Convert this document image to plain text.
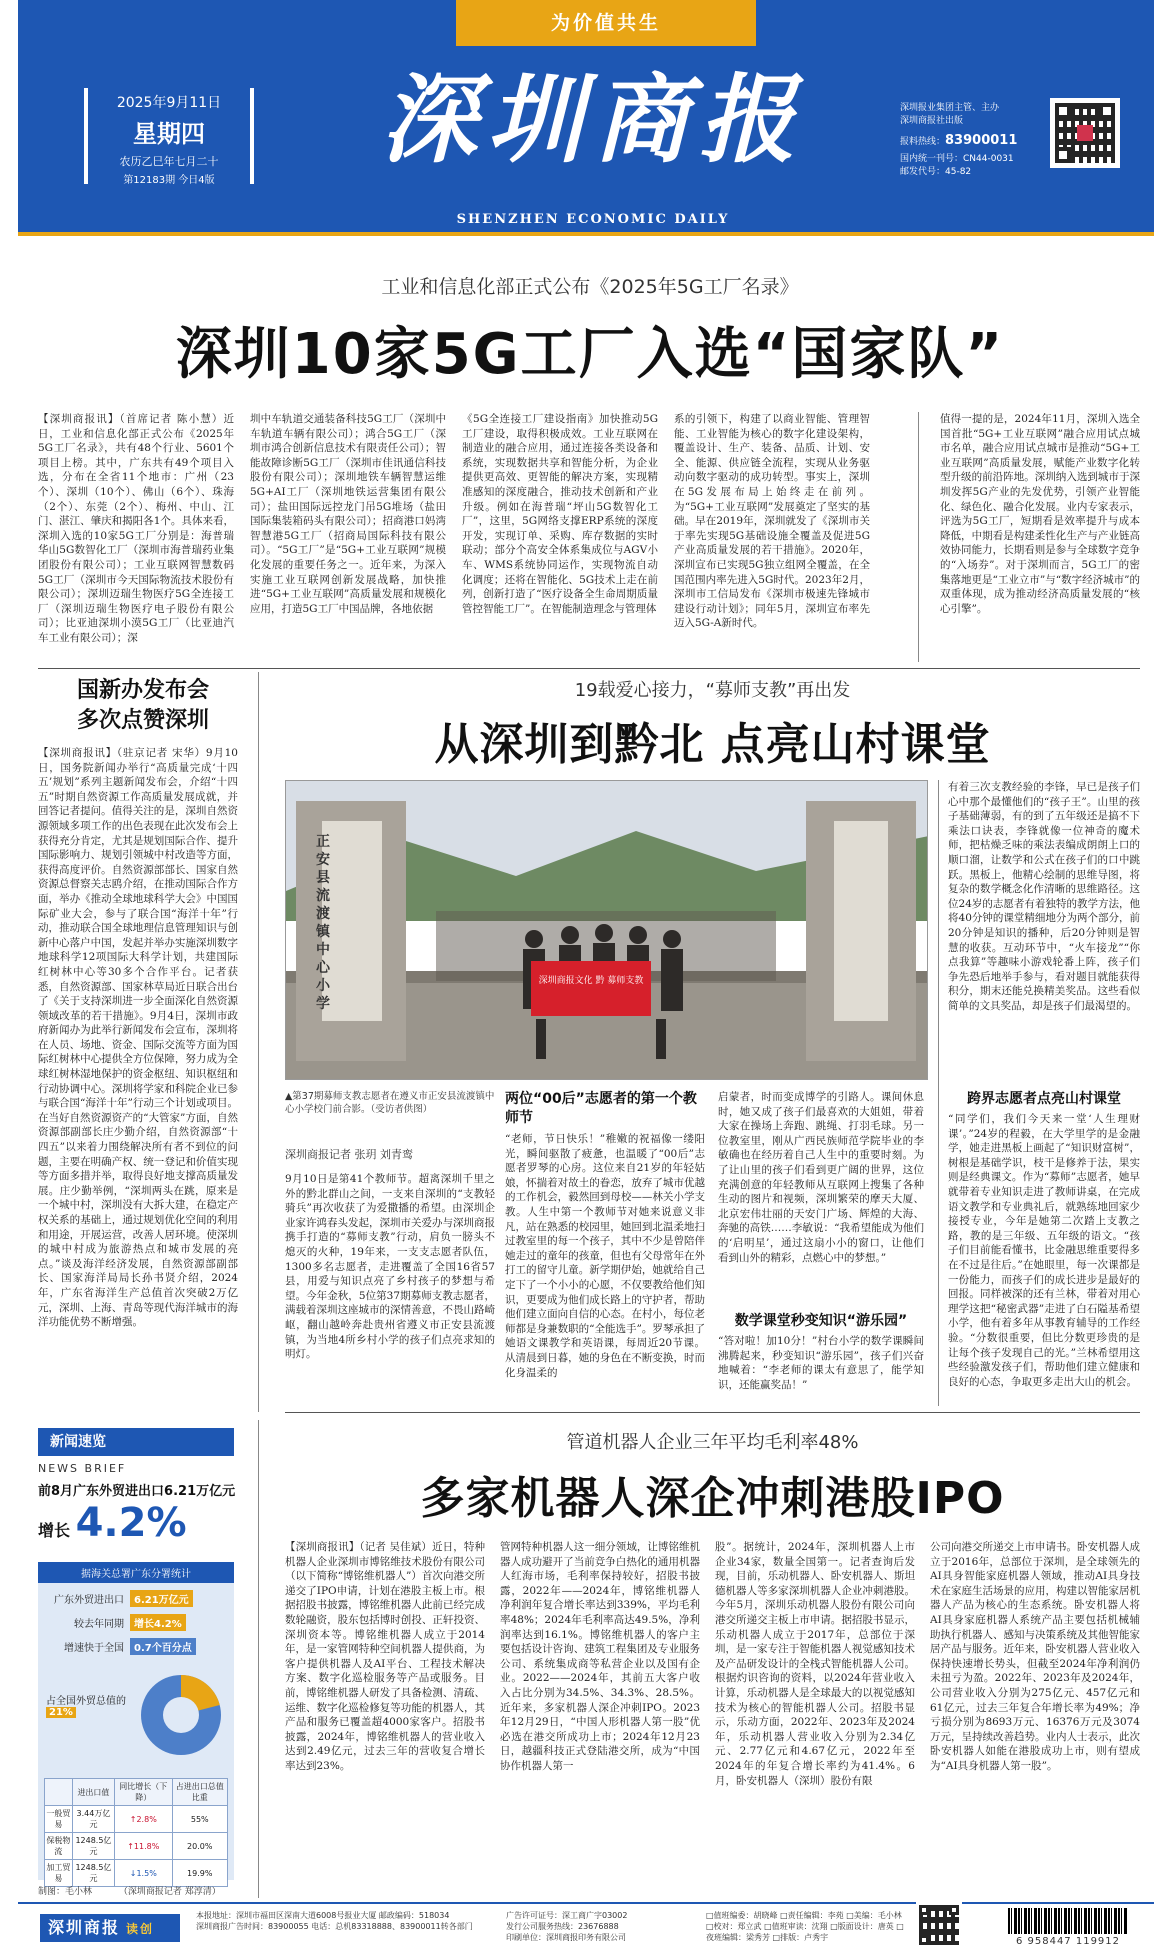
为价值共生
2025年9月11日
星期四
农历乙巳年七月二十
第12183期 今日4版
深圳商报
SHENZHEN ECONOMIC DAILY
深圳报业集团主管、主办
深圳商报社出版
报料热线：83900011
国内统一刊号：CN44-0031
邮发代号：45-82
工业和信息化部正式公布《2025年5G工厂名录》
深圳10家5G工厂入选“国家队”
【深圳商报讯】（首席记者 陈小慧）近日，工业和信息化部正式公布《2025年5G工厂名录》，共有48个行业、5601个项目上榜。其中，广东共有49个项目入选，分布在全省11个地市：广州（23个）、深圳（10个）、佛山（6个）、珠海（2个）、东莞（2个）、梅州、中山、江门、湛江、肇庆和揭阳各1个。具体来看，深圳入选的10家5G工厂分别是：海普瑞华山5G数智化工厂（深圳市海普瑞药业集团股份有限公司）；工业互联网智慧数码5G工厂（深圳市今天国际物流技术股份有限公司）；深圳迈瑞生物医疗5G全连接工厂（深圳迈瑞生物医疗电子股份有限公司）；比亚迪深圳小漠5G工厂（比亚迪汽车工业有限公司）；深
圳中车轨道交通装备科技5G工厂（深圳中车轨道车辆有限公司）；鸿合5G工厂（深圳市鸿合创新信息技术有限责任公司）；智能故障诊断5G工厂（深圳市佳讯通信科技股份有限公司）；深圳地铁车辆智慧运维5G+AI工厂（深圳地铁运营集团有限公司）；盐田国际远控龙门吊5G堆场（盐田国际集装箱码头有限公司）；招商港口妈湾智慧港5G工厂（招商局国际科技有限公司）。“5G工厂”是“5G+工业互联网”规模化发展的重要任务之一。近年来，为深入实施工业互联网创新发展战略，加快推进“5G+工业互联网”高质量发展和规模化应用，打造5G工厂中国品牌，各地依据
《5G全连接工厂建设指南》加快推动5G工厂建设，取得积极成效。工业互联网在制造业的融合应用，通过连接各类设备和系统，实现数据共享和智能分析，为企业提供更高效、更智能的解决方案，实现精准感知的深度融合，推动技术创新和产业升级。例如在海普瑞“坪山5G数智化工厂”，这里，5G网络支撑ERP系统的深度开发，实现订单、采购、库存数据的实时联动；部分个高安全体系集成位与AGV小车、WMS系统协同运作，实现物流自动化调度；还将在智能化、5G技术上走在前列，创新打造了“医疗设备全生命周期质量管控智能工厂”。在智能制造理念与管理体
系的引领下，构建了以商业智能、管理智能、工业智能为核心的数字化建设架构，覆盖设计、生产、装备、品质、计划、安全、能源、供应链全流程，实现从业务驱动向数字驱动的成功转型。事实上，深圳在5G发展布局上始终走在前列。为“5G+工业互联网”发展奠定了坚实的基础。早在2019年，深圳就发了《深圳市关于率先实现5G基础设施全覆盖及促进5G产业高质量发展的若干措施》。2020年，深圳宣布已实现5G独立组网全覆盖，在全国范围内率先进入5G时代。2023年2月，深圳市工信局发布《深圳市极速先锋城市建设行动计划》；同年5月，深圳宣布率先迈入5G-A新时代。
值得一提的是，2024年11月，深圳入选全国首批“5G+工业互联网”融合应用试点城市名单，融合应用试点城市是推动“5G+工业互联网”高质量发展，赋能产业数字化转型升级的前沿阵地。深圳纳入选到城市于深圳发挥5G产业的先发优势，引领产业智能化、绿色化、融合化发展。业内专家表示，评选为5G工厂，短期看是效率提升与成本降低，中期看是构建柔性化生产与产业链高效协同能力，长期看则是参与全球数字竞争的“入场券”。对于深圳而言，5G工厂的密集落地更是“工业立市”与“数字经济城市”的双重体现，成为推动经济高质量发展的“核心引擎”。
国新办发布会
多次点赞深圳
【深圳商报讯】（驻京记者 宋华）9月10日，国务院新闻办举行“高质量完成‘十四五’规划”系列主题新闻发布会，介绍“十四五”时期自然资源工作高质量发展成就，并回答记者提问。值得关注的是，深圳自然资源领域多项工作的出色表现在此次发布会上获得充分肯定，尤其是规划国际合作、提升国际影响力、规划引领城中村改造等方面，获得高度评价。自然资源部部长、国家自然资源总督察关志鸥介绍，在推动国际合作方面，举办《推动全球地球科学大会》中国国际矿业大会，参与了联合国“海洋十年”行动，推动联合国全球地理信息管理知识与创新中心落户中国，发起并举办实施深圳数字地球科学12项国际大科学计划，共建国际红树林中心等30多个合作平台。记者获悉，自然资源部、国家林草局近日联合出台了《关于支持深圳进一步全面深化自然资源领域改革的若干措施》。9月4日，深圳市政府新闻办为此举行新闻发布会宣布，深圳将在人员、场地、资金、国际交流等方面为国际红树林中心提供全方位保障，努力成为全球红树林湿地保护的资金枢纽、知识枢纽和行动协调中心。深圳将学家和科院企业已参与联合国“海洋十年”行动三个计划或项目。在当好自然资源资产的“大管家”方面，自然资源部副部长庄少勤介绍，自然资源部“十四五”以来着力围绕解决所有者不到位的问题，主要在明确产权、统一登记和价值实现等方面多措并举，取得良好地支撑高质量发展。庄少勤举例，“深圳两头在跳，原来是一个城中村，深圳没有大拆大建，在稳定产权关系的基础上，通过规划优化空间的利用和用途，开展运营，改善人居环境。使深圳的城中村成为旅游热点和城市发展的亮点。”谈及海洋经济发展，自然资源部副部长、国家海洋局局长孙书贤介绍，2024年，广东省海洋生产总值首次突破2万亿元，深圳、上海、青岛等现代海洋城市的海洋功能优势不断增强。
19载爱心接力，“募师支教”再出发
从深圳到黔北 点亮山村课堂
深圳商报文化 黔 募师支教
正安县流渡镇中心小学
▲第37期募师支教志愿者在遵义市正安县流渡镇中心小学校门前合影。（受访者供图）
深圳商报记者 张玥 刘青鸾
9月10日是第41个教师节。超离深圳千里之外的黔北群山之间，一支来自深圳的“支教轻骑兵”再次收获了为爱撒播的希望。由深圳企业家许鸿春头发起，深圳市关爱办与深圳商报携手打造的“募师支教”行动，肩负一膀头不熄灭的火种，19年来，一支支志愿者队伍，1300多名志愿者，走进覆盖了全国16省57县，用爱与知识点亮了乡村孩子的梦想与希望。今年金秋，5位第37期募师支教志愿者，满载着深圳这座城市的深情善意，不畏山路崎岖，翻山越岭奔赴贵州省遵义市正安县流渡镇，为当地4所乡村小学的孩子们点亮求知的明灯。
两位“00后”志愿者的第一个教师节
“老师，节日快乐！”稚嫩的祝福像一缕阳光，瞬间驱散了疲惫，也温暖了“00后”志愿者罗琴的心房。这位来自21岁的年轻姑娘，怀揣着对故土的眷恋，放弃了城市优越的工作机会，毅然回到母校——林关小学支教。人生中第一个教师节对她来说意义非凡，站在熟悉的校园里，她回到北温柔地扫过教室里的每一个孩子，其中不少是曾陪伴她走过的童年的孩童，但也有父母常年在外打工的留守儿童。新学期伊始，她就给自己定下了一个小小的心愿，不仅要教给他们知识，更要成为他们成长路上的守护者，帮助他们建立面向自信的心态。在村小，每位老师都是身兼数职的“全能选手”。罗琴承担了她语文课教学和英语课，每周近20节课。从清晨到日暮，她的身色在不断变换，时而化身温柔的
启蒙者，时而变成博学的引路人。课间休息时，她又成了孩子们最喜欢的大姐姐，带着大家在操场上奔跑、跳绳、打羽毛球。另一位教室里，刚从广西民族师范学院毕业的李敏确也在经历着自己人生中的重要时刻。为了让山里的孩子们看到更广阔的世界，这位充满创意的年轻教师从互联网上搜集了各种生动的图片和视频，深圳繁荣的摩天大厦、北京宏伟壮丽的天安门广场、辉煌的大海、奔驰的高铁……李敏说：“我希望能成为他们的‘启明星’，通过这扇小小的窗口，让他们看到山外的精彩，点燃心中的梦想。”
数学课堂秒变知识“游乐园”
“答对啦！加10分！”村台小学的数学课瞬间沸腾起来，秒变知识“游乐园”，孩子们兴奋地喊着：“李老师的课太有意思了，能学知识，还能赢奖品！”
有着三次支教经验的李锋，早已是孩子们心中那个最懂他们的“孩子王”。山里的孩子基础薄弱，有的到了五年级还是搞不下乘法口诀表，李锋就像一位神奇的魔术师，把枯燥乏味的乘法表编成朗朗上口的顺口溜，让数学和公式在孩子们的口中跳跃。黑板上，他精心绘制的思维导图，将复杂的数学概念化作清晰的思维路径。这位24岁的志愿者有着独特的教学方法，他将40分钟的课堂精细地分为两个部分，前20分钟是知识的播种，后20分钟则是智慧的收获。互动环节中，“火车接龙”“你点我算”等趣味小游戏轮番上阵，孩子们争先恐后地举手参与，看对题目就能获得积分，期末还能兑换精美奖品。这些看似简单的文具奖品，却是孩子们最渴望的。
跨界志愿者点亮山村课堂
“同学们，我们今天来一堂‘人生理财课’。”24岁的程毅，在大学里学的是金融学，她走进黑板上画起了“知识财富树”，树根是基础学识，枝干是修养于法，果实则是经典课文。作为“募师”志愿者，她早就带着专业知识走进了教师讲桌，在完成语文教学和专业典礼后，就熟练地回家少接授专业，今年是她第二次踏上支教之路，教的是三年级、五年级的语文。“孩子们目前能看懂书，比金融思维重要得多在不过是往后。”在她眼里，每一次课都是一份能力，而孩子们的成长进步是最好的回报。同样被深的还有兰林，带着对用心理学这把“秘密武器”走进了白石隘基希望小学，他有着多年从事教育辅导的工作经验。“分数很重要，但比分数更珍贵的是让每个孩子发现自己的光。”兰林希望用这些经验激发孩子们，帮助他们建立健康和良好的心态，争取更多走出大山的机会。
新闻速览
NEWS BRIEF
前8月广东外贸进出口6.21万亿元
增长 4.2%
据海关总署广东分署统计
广东外贸进出口 6.21万亿元
较去年同期 增长4.2%
增速快于全国 0.7个百分点
占全国外贸总值的 21%
	进出口值	同比增长（下降）	占进出口总值比重
一般贸易	3.44万亿元	↑2.8%	55%
保税物流	1248.5亿元	↑11.8%	20.0%
加工贸易	1248.5亿元	↓1.5%	19.9%
制图：毛小林	（深圳商报记者 郑淳清）
管道机器人企业三年平均毛利率48%
多家机器人深企冲刺港股IPO
【深圳商报讯】（记者 吴佳斌）近日，特种机器人企业深圳市博铭维技术股份有限公司（以下简称“博铭维机器人”）首次向港交所递交了IPO申请，计划在港股主板上市。根据招股书披露，博铭维机器人此前已经完成数轮融资，股东包括博时创投、正轩投资、深圳资本等。博铭维机器人成立于2014年，是一家管网特种空间机器人提供商，为客户提供机器人及AI平台、工程技术解决方案、数字化巡检服务等产品或服务。目前，博铭维机器人研发了具备检测、清疏、运维、数字化巡检修复等功能的机器人，其产品和服务已覆盖超4000家客户。招股书披露，2024年，博铭维机器人的营业收入达到2.49亿元，过去三年的营收复合增长率达到23%。
管网特种机器人这一细分领域，让博铭维机器人成功避开了当前竞争白热化的通用机器人红海市场，毛利率保持较好，招股书披露，2022年——2024年，博铭维机器人净利润年复合增长率达到339%，平均毛利率48%；2024年毛利率高达49.5%，净利润率达到16.1%。博铭维机器人的客户主要包括设计咨询、建筑工程集团及专业服务公司、系统集成商等私营企业以及国有企业。2022——2024年，其前五大客户收入占比分别为34.5%、34.3%、28.5%。近年来，多家机器人深企冲刺IPO。2023年12月29日，“中国人形机器人第一股”优必选在港交所成功上市；2024年12月23日，越疆科技正式登陆港交所，成为“中国协作机器人第一
股”。据统计，2024年，深圳机器人上市企业34家，数量全国第一。记者查询后发现，目前，乐动机器人、卧安机器人、斯坦德机器人等多家深圳机器人企业冲刺港股。今年5月，深圳乐动机器人股份有限公司向港交所递交主板上市申请。据招股书显示，乐动机器人成立于2017年，总部位于深圳，是一家专注于智能机器人视觉感知技术及产品研发设计的全栈式智能机器人公司。根据灼识咨询的资料，以2024年营业收入计算，乐动机器人是全球最大的以视觉感知技术为核心的智能机器人公司。招股书显示，乐动方面，2022年、2023年及2024年，乐动机器人营业收入分别为2.34亿元、2.77亿元和4.67亿元，2022年至2024年的年复合增长率约为41.4%。6月，卧安机器人（深圳）股份有限
公司向港交所递交上市申请书。卧安机器人成立于2016年，总部位于深圳，是全球领先的AI具身智能家庭机器人领域，推动AI具身技术在家庭生活场景的应用，构建以智能家居机器人产品为核心的生态系统。卧安机器人将AI具身家庭机器人系统产品主要包括机械辅助执行机器人、感知与决策系统及其他智能家居产品与服务。近年来，卧安机器人营业收入保持快速增长势头，但截至2024年净利润仍未扭亏为盈。2022年、2023年及2024年，公司营业收入分别为275亿元、457亿元和61亿元，过去三年复合年增长率为49%；净亏损分别为8693万元、16376万元及3074万元，呈持续改善趋势。业内人士表示，此次卧安机器人如能在港股成功上市，则有望成为“AI具身机器人第一股”。
深圳商报 读创
本报地址：深圳市福田区深南大道6008号报业大厦 邮政编码：518034
深圳商报广告时间：83900055 电话：总机83318888、83900011转各部门
广告许可证号：深工商广字03002
发行公司服务热线：23676888
印刷单位：深圳商报印务有限公司
□值班编委：胡晓峰 □责任编辑：李苑 □美编：毛小林 □校对：郑立武 □值班审读：沈翔 □版面设计：唐英 □夜班编辑：梁秀芳 □排版：卢秀宇	6 958447 119912
